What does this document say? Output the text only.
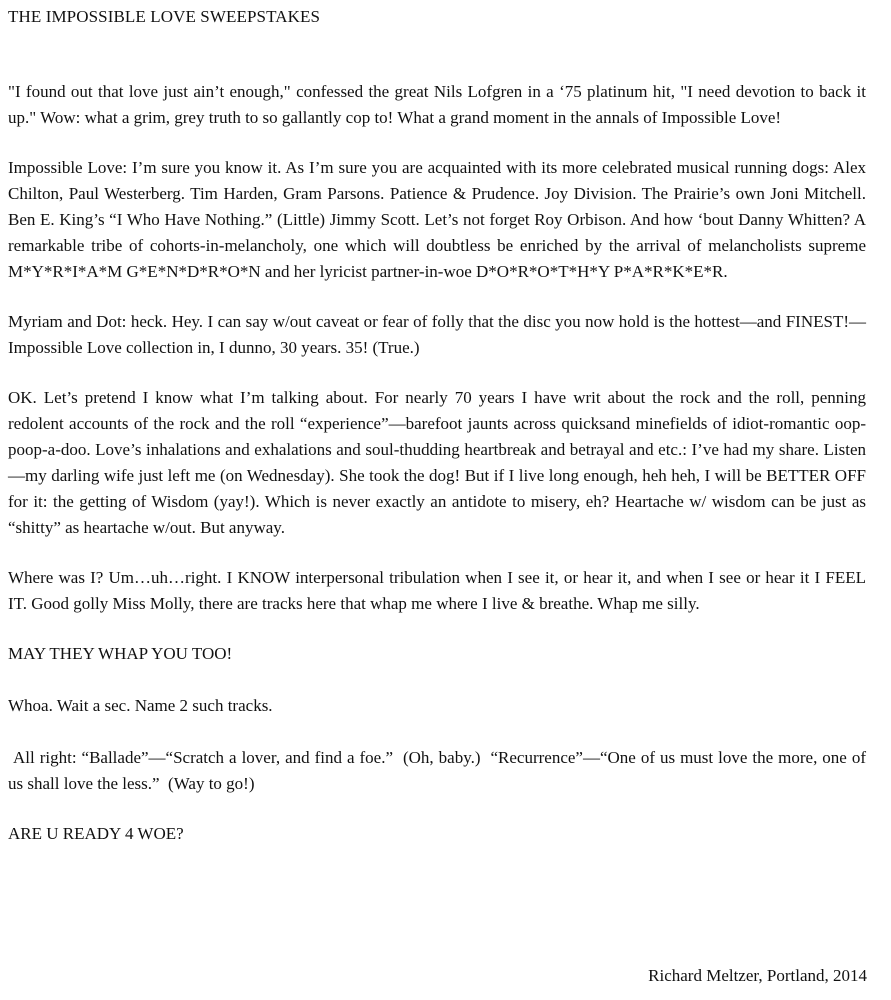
THE IMPOSSIBLE LOVE SWEEPSTAKES

"I found out that love just ain’t enough," confessed the great Nils Lofgren in a ‘75 platinum hit, "I need devotion to back it up." Wow: what a grim, grey truth to so gallantly cop to! What a grand moment in the annals of Impossible Love!

Impossible Love: I’m sure you know it. As I’m sure you are acquainted with its more celebrated musical running dogs: Alex Chilton, Paul Westerberg. Tim Harden, Gram Parsons. Patience & Prudence. Joy Division. The Prairie’s own Joni Mitchell. Ben E. King’s “I Who Have Nothing.” (Little) Jimmy Scott. Let’s not forget Roy Orbison. And how ‘bout Danny Whitten? A remarkable tribe of cohorts-in-melancholy, one which will doubtless be enriched by the arrival of melancholists supreme M*Y*R*I*A*M G*E*N*D*R*O*N and her lyricist partner-in-woe D*O*R*O*T*H*Y P*A*R*K*E*R.

Myriam and Dot: heck. Hey. I can say w/out caveat or fear of folly that the disc you now hold is the hottest—and FINEST!—Impossible Love collection in, I dunno, 30 years. 35! (True.)

OK. Let’s pretend I know what I’m talking about. For nearly 70 years I have writ about the rock and the roll, penning redolent accounts of the rock and the roll “experience”—barefoot jaunts across quicksand minefields of idiot-romantic oop-poop-a-doo. Love’s inhalations and exhalations and soul-thudding heartbreak and betrayal and etc.: I’ve had my share. Listen—my darling wife just left me (on Wednesday). She took the dog! But if I live long enough, heh heh, I will be BETTER OFF for it: the getting of Wisdom (yay!). Which is never exactly an antidote to misery, eh? Heartache w/ wisdom can be just as “shitty” as heartache w/out. But anyway.

Where was I? Um…uh…right. I KNOW interpersonal tribulation when I see it, or hear it, and when I see or hear it I FEEL IT. Good golly Miss Molly, there are tracks here that whap me where I live & breathe. Whap me silly.

MAY THEY WHAP YOU TOO!

Whoa. Wait a sec. Name 2 such tracks.

All right: “Ballade”—“Scratch a lover, and find a foe.”  (Oh, baby.)  “Recurrence”—“One of us must love the more, one of us shall love the less.”  (Way to go!)

ARE U READY 4 WOE?

Richard Meltzer, Portland, 2014
